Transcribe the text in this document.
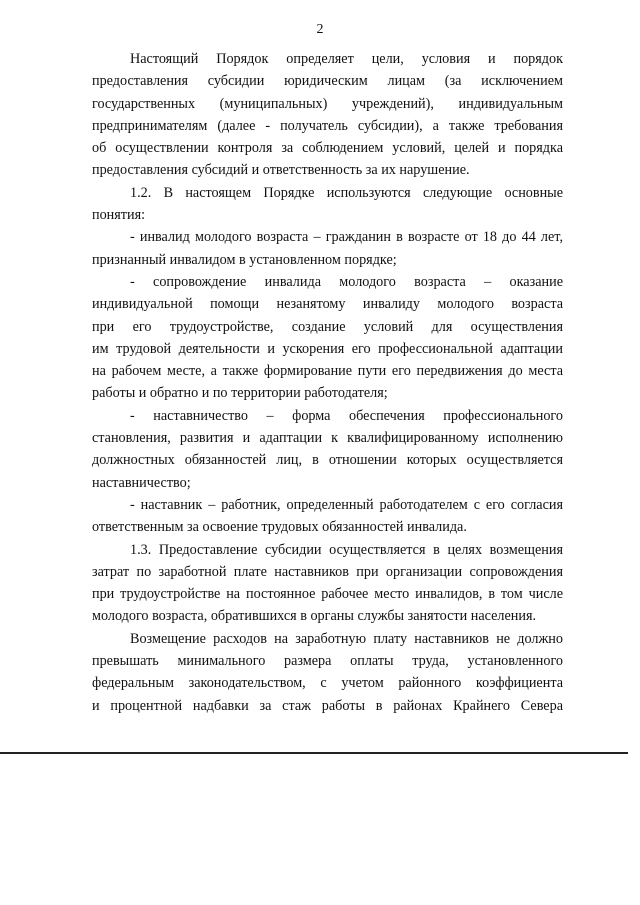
2
Настоящий Порядок определяет цели, условия и порядок
предоставления субсидии юридическим лицам (за исключением
государственных (муниципальных) учреждений), индивидуальным
предпринимателям (далее - получатель субсидии), а также требования
об осуществлении контроля за соблюдением условий, целей и порядка
предоставления субсидий и ответственность за их нарушение.
1.2. В настоящем Порядке используются следующие основные
понятия:
- инвалид молодого возраста – гражданин в возрасте от 18 до 44 лет,
признанный инвалидом в установленном порядке;
- сопровождение инвалида молодого возраста – оказание
индивидуальной помощи незанятому инвалиду молодого возраста
при его трудоустройстве, создание условий для осуществления
им трудовой деятельности и ускорения его профессиональной адаптации
на рабочем месте, а также формирование пути его передвижения до места
работы и обратно и по территории работодателя;
- наставничество – форма обеспечения профессионального
становления, развития и адаптации к квалифицированному исполнению
должностных обязанностей лиц, в отношении которых осуществляется
наставничество;
- наставник – работник, определенный работодателем с его согласия
ответственным за освоение трудовых обязанностей инвалида.
1.3. Предоставление субсидии осуществляется в целях возмещения
затрат по заработной плате наставников при организации сопровождения
при трудоустройстве на постоянное рабочее место инвалидов, в том числе
молодого возраста, обратившихся в органы службы занятости населения.
Возмещение расходов на заработную плату наставников не должно
превышать минимального размера оплаты труда, установленного
федеральным законодательством, с учетом районного коэффициента
и процентной надбавки за стаж работы в районах Крайнего Севера
